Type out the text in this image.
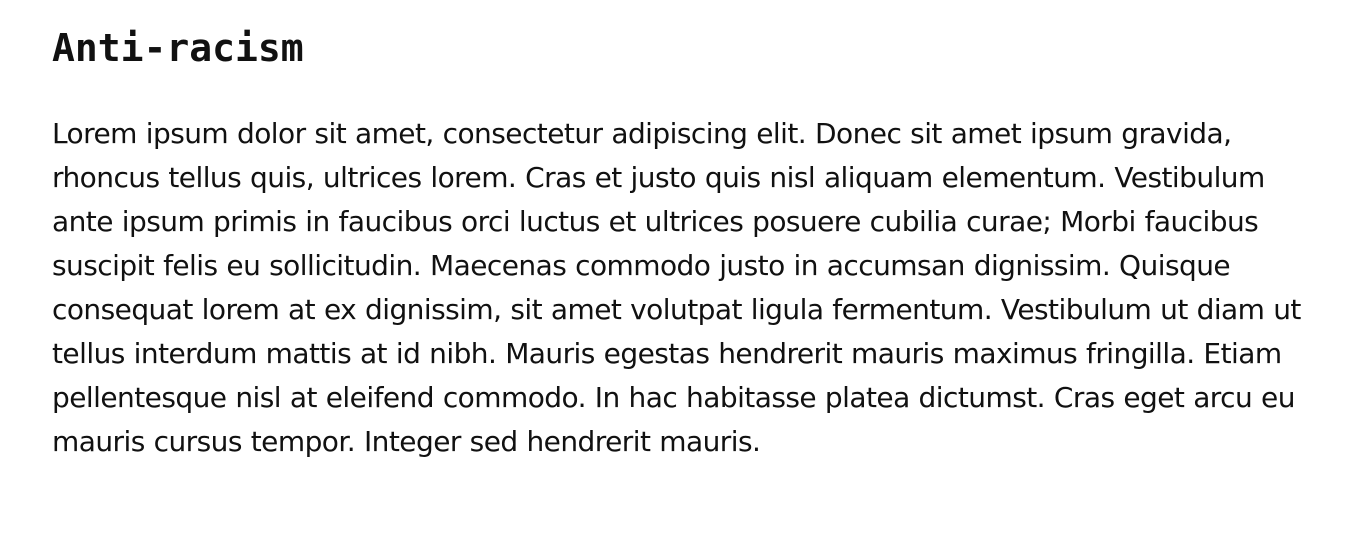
Anti-racism

Lorem ipsum dolor sit amet, consectetur adipiscing elit. Donec sit amet ipsum gravida, rhoncus tellus quis, ultrices lorem. Cras et justo quis nisl aliquam elementum. Vestibulum ante ipsum primis in faucibus orci luctus et ultrices posuere cubilia curae; Morbi faucibus suscipit felis eu sollicitudin. Maecenas commodo justo in accumsan dignissim. Quisque consequat lorem at ex dignissim, sit amet volutpat ligula fermentum. Vestibulum ut diam ut tellus interdum mattis at id nibh. Mauris egestas hendrerit mauris maximus fringilla. Etiam pellentesque nisl at eleifend commodo. In hac habitasse platea dictumst. Cras eget arcu eu mauris cursus tempor. Integer sed hendrerit mauris.
